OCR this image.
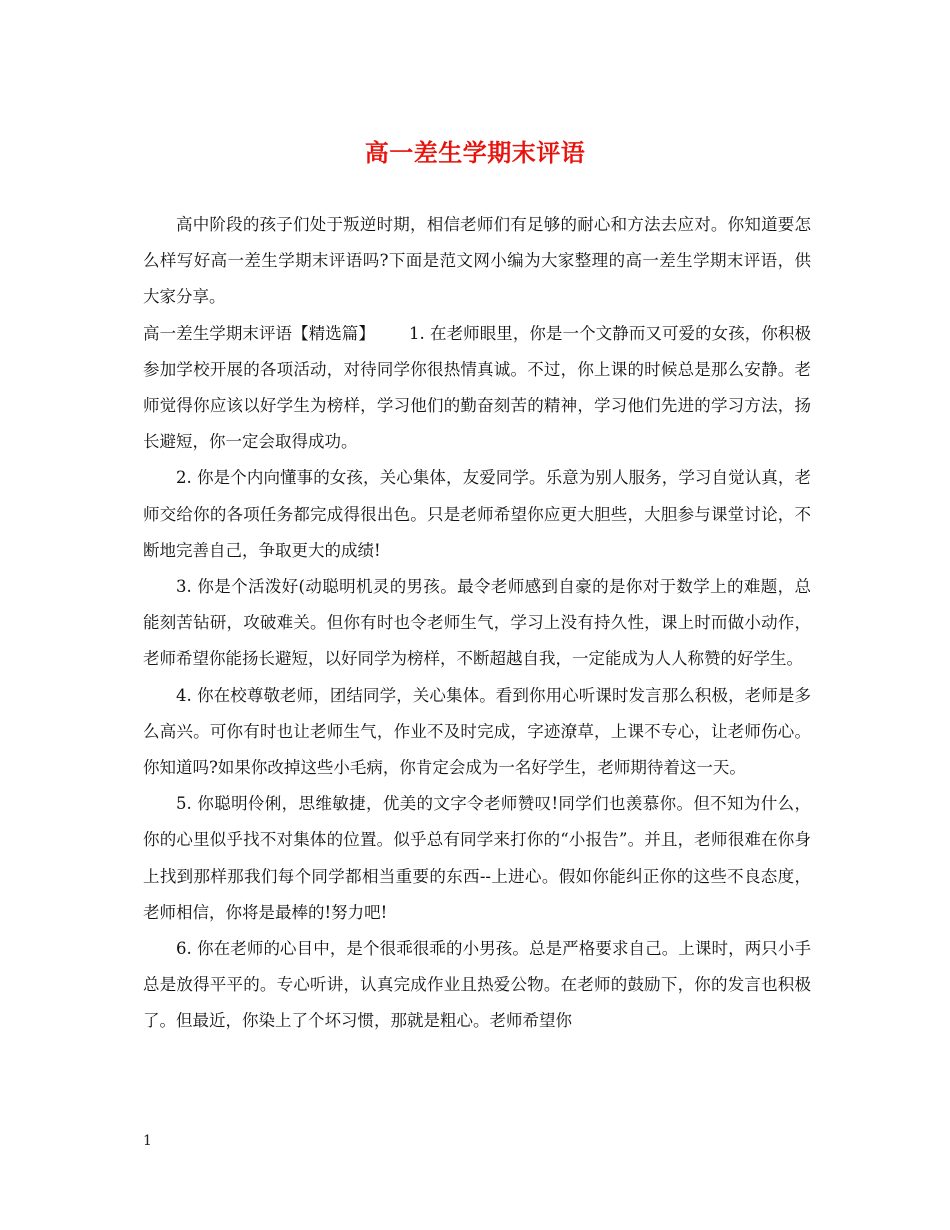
高一差生学期末评语

高中阶段的孩子们处于叛逆时期，相信老师们有足够的耐心和方法去应对。你知道要怎么样写好高一差生学期末评语吗?下面是范文网小编为大家整理的高一差生学期末评语，供大家分享。

高一差生学期末评语【精选篇】 1. 在老师眼里，你是一个文静而又可爱的女孩，你积极参加学校开展的各项活动，对待同学你很热情真诚。不过，你上课的时候总是那么安静。老师觉得你应该以好学生为榜样，学习他们的勤奋刻苦的精神，学习他们先进的学习方法，扬长避短，你一定会取得成功。

2. 你是个内向懂事的女孩，关心集体，友爱同学。乐意为别人服务，学习自觉认真，老师交给你的各项任务都完成得很出色。只是老师希望你应更大胆些，大胆参与课堂讨论，不断地完善自己，争取更大的成绩!

3. 你是个活泼好(动聪明机灵的男孩。最令老师感到自豪的是你对于数学上的难题，总能刻苦钻研，攻破难关。但你有时也令老师生气，学习上没有持久性，课上时而做小动作，老师希望你能扬长避短，以好同学为榜样，不断超越自我，一定能成为人人称赞的好学生。

4. 你在校尊敬老师，团结同学，关心集体。看到你用心听课时发言那么积极，老师是多么高兴。可你有时也让老师生气，作业不及时完成，字迹潦草，上课不专心，让老师伤心。你知道吗?如果你改掉这些小毛病，你肯定会成为一名好学生，老师期待着这一天。

5. 你聪明伶俐，思维敏捷，优美的文字令老师赞叹!同学们也羡慕你。但不知为什么，你的心里似乎找不对集体的位置。似乎总有同学来打你的“小报告”。并且，老师很难在你身上找到那样那我们每个同学都相当重要的东西--上进心。假如你能纠正你的这些不良态度，老师相信，你将是最棒的!努力吧!

6. 你在老师的心目中，是个很乖很乖的小男孩。总是严格要求自己。上课时，两只小手总是放得平平的。专心听讲，认真完成作业且热爱公物。在老师的鼓励下，你的发言也积极了。但最近，你染上了个坏习惯，那就是粗心。老师希望你

1
